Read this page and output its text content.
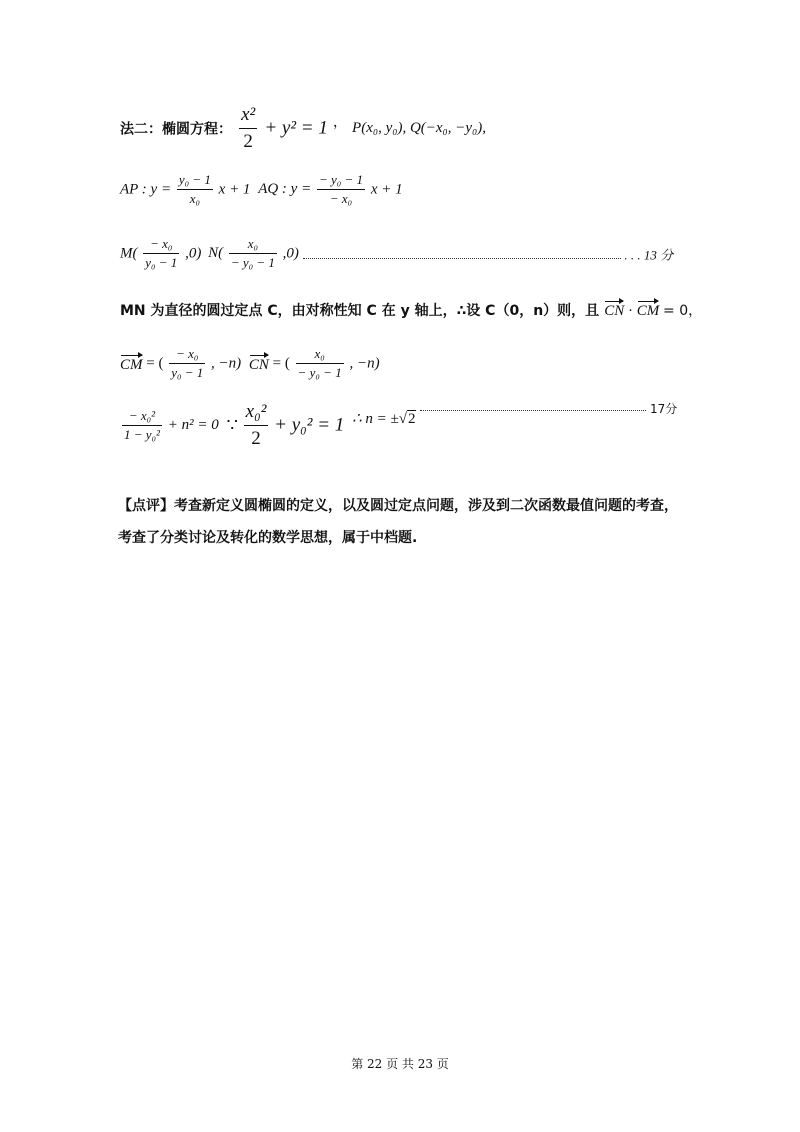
法二：椭圆方程： $\frac{\text{x²}}{2} + y^2 = 1$ ， P(x₀, y₀), Q(−x₀, −y₀),
AP : $y = \frac{\text{y₀ − 1}}{\text{x₀}}$ x + 1 AQ : $y = \frac{\text{− y₀ − 1}}{\text{− x₀}}$ x + 1
$M( \frac{\text{− x₀}}{\text{y₀ − 1}} ,0)$ $N( \frac{\text{x₀}}{\text{− y₀ − 1}} ,0)$	. . . 13 分
MN 为直径的圆过定点 C，由对称性知 C 在 y 轴上，∴设 C（0，n）则，且 CN · CM = 0，
CM = ( $\frac{\text{− x₀}}{\text{y₀ − 1}}$ , −n) CN = ( $\frac{\text{x₀}}{\text{− y₀ − 1}}$ , −n)
$\frac{\text{− x₀²}}{\text{1 − y₀²}} + n^2 = 0$ ∵ $\frac{\text{x₀²}}{2} + y_0^2 = 1$ ∴ n = ±√2  $^{17分}$
【点评】考查新定义圆椭圆的定义，以及圆过定点问题，涉及到二次函数最值问题的考查，
考查了分类讨论及转化的数学思想，属于中档题.
第 22 页 共 23 页
